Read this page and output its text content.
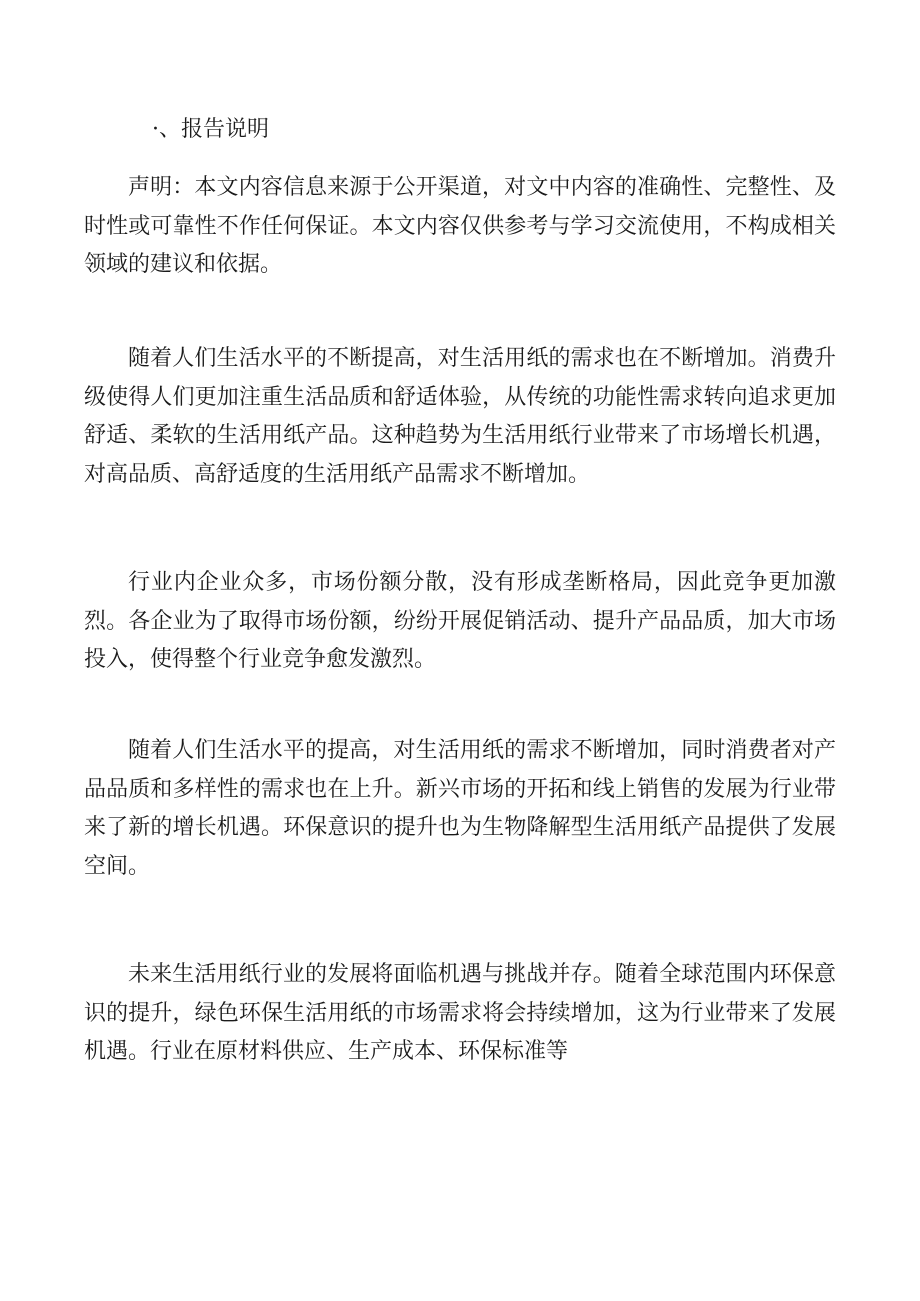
·、报告说明

声明：本文内容信息来源于公开渠道，对文中内容的准确性、完整性、及时性或可靠性不作任何保证。本文内容仅供参考与学习交流使用，不构成相关领域的建议和依据。

随着人们生活水平的不断提高，对生活用纸的需求也在不断增加。消费升级使得人们更加注重生活品质和舒适体验，从传统的功能性需求转向追求更加舒适、柔软的生活用纸产品。这种趋势为生活用纸行业带来了市场增长机遇，对高品质、高舒适度的生活用纸产品需求不断增加。

行业内企业众多，市场份额分散，没有形成垄断格局，因此竞争更加激烈。各企业为了取得市场份额，纷纷开展促销活动、提升产品品质，加大市场投入，使得整个行业竞争愈发激烈。

随着人们生活水平的提高，对生活用纸的需求不断增加，同时消费者对产品品质和多样性的需求也在上升。新兴市场的开拓和线上销售的发展为行业带来了新的增长机遇。环保意识的提升也为生物降解型生活用纸产品提供了发展空间。

未来生活用纸行业的发展将面临机遇与挑战并存。随着全球范围内环保意识的提升，绿色环保生活用纸的市场需求将会持续增加，这为行业带来了发展机遇。行业在原材料供应、生产成本、环保标准等
